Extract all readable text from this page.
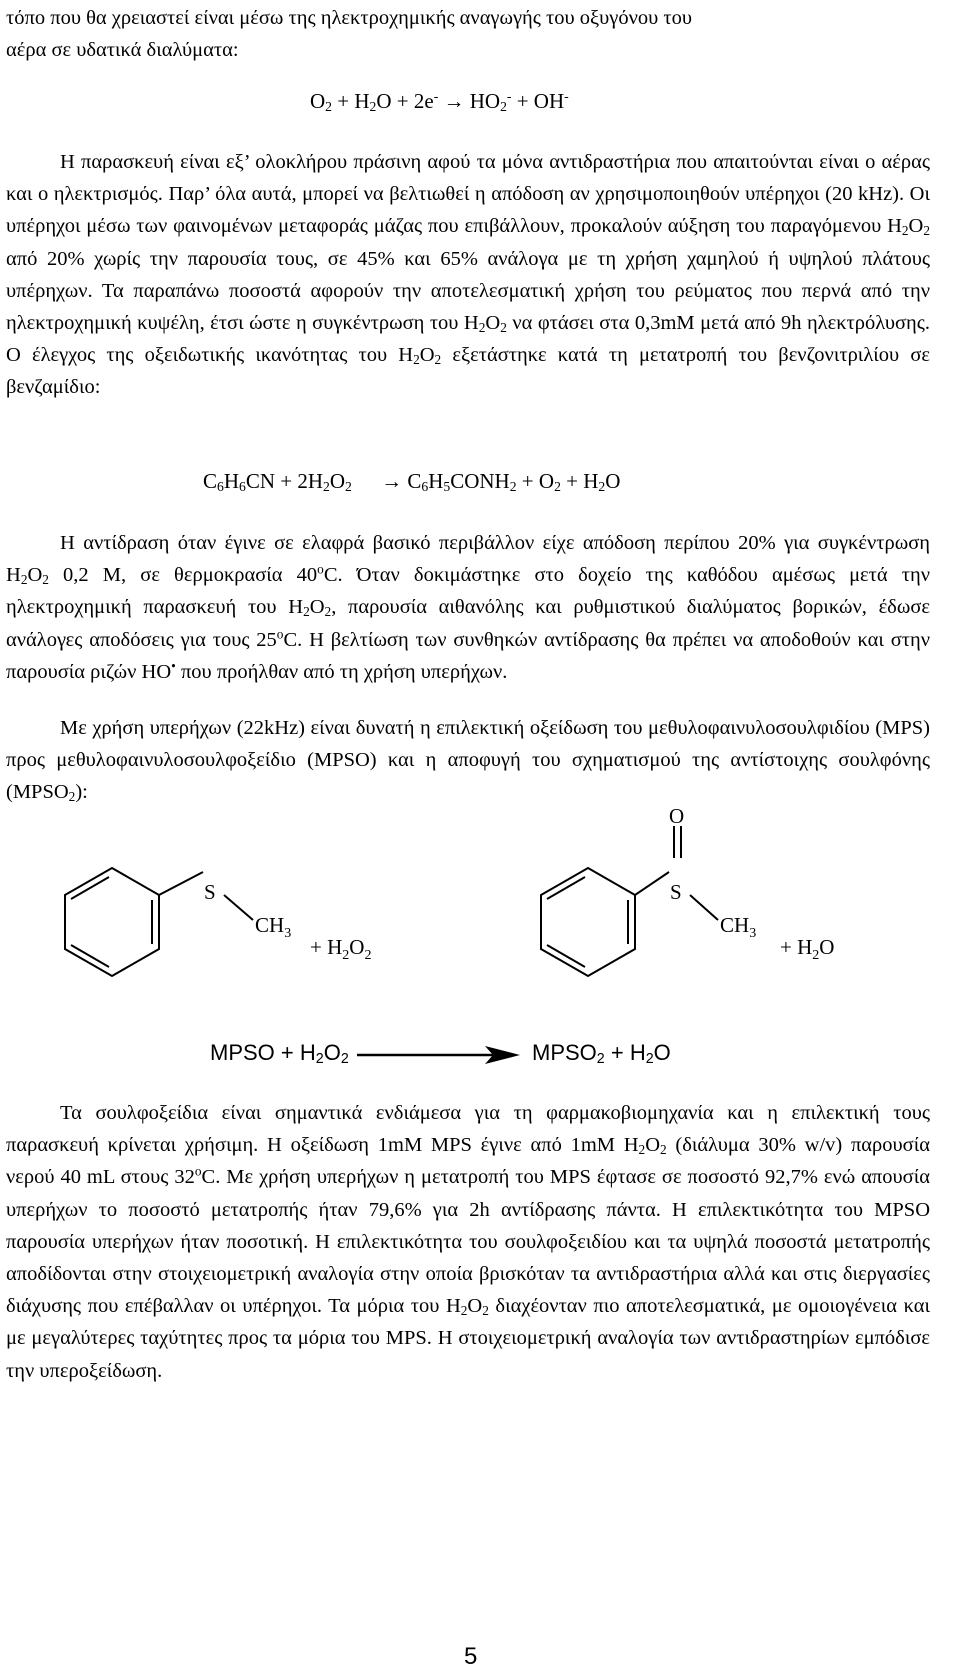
τόπο που θα χρειαστεί είναι μέσω της ηλεκτροχημικής αναγωγής του οξυγόνου του
αέρα σε υδατικά διαλύματα:
$O_2 + H_2O + 2e^- \to HO_2^- + OH^-$
Η παρασκευή είναι εξ’ ολοκλήρου πράσινη αφού τα μόνα αντιδραστήρια που απαιτούνται είναι ο αέρας και ο ηλεκτρισμός. Παρ’ όλα αυτά, μπορεί να βελτιωθεί η απόδοση αν χρησιμοποιηθούν υπέρηχοι (20 kHz). Οι υπέρηχοι μέσω των φαινομένων μεταφοράς μάζας που επιβάλλουν, προκαλούν αύξηση του παραγόμενου $H_2O_2$ από 20% χωρίς την παρουσία τους, σε 45% και 65% ανάλογα με τη χρήση χαμηλού ή υψηλού πλάτους υπέρηχων. Τα παραπάνω ποσοστά αφορούν την αποτελεσματική χρήση του ρεύματος που περνά από την ηλεκτροχημική κυψέλη, έτσι ώστε η συγκέντρωση του $H_2O_2$ να φτάσει στα 0,3mM μετά από 9h ηλεκτρόλυσης. Ο έλεγχος της οξειδωτικής ικανότητας του $H_2O_2$ εξετάστηκε κατά τη μετατροπή του βενζονιτριλίου σε βενζαμίδιο:
$C_6H_6CN + 2H_2O_2$ → $C_6H_5CONH_2 + O_2 + H_2O$
Η αντίδραση όταν έγινε σε ελαφρά βασικό περιβάλλον είχε απόδοση περίπου 20% για συγκέντρωση $H_2O_2$ 0,2 M, σε θερμοκρασία 40$^o$C. Όταν δοκιμάστηκε στο δοχείο της καθόδου αμέσως μετά την ηλεκτροχημική παρασκευή του $H_2O_2$, παρουσία αιθανόλης και ρυθμιστικού διαλύματος βορικών, έδωσε ανάλογες αποδόσεις για τους 25$^o$C. Η βελτίωση των συνθηκών αντίδρασης θα πρέπει να αποδοθούν και στην παρουσία ριζών HO• που προήλθαν από τη χρήση υπερήχων.
Με χρήση υπερήχων (22kHz) είναι δυνατή η επιλεκτική οξείδωση του μεθυλοφαινυλοσουλφιδίου (MPS) προς μεθυλοφαινυλοσουλφοξείδιο (MPSO) και η αποφυγή του σχηματισμού της αντίστοιχης σουλφόνης $(MPSO_2)$:
S
$CH_3$
+ $H_2O_2$
O
S
$CH_3$
+ $H_2O$
MPSO + $H_2O_2$	$MPSO_2 + H_2O$
Τα σουλφοξείδια είναι σημαντικά ενδιάμεσα για τη φαρμακοβιομηχανία και η επιλεκτική τους παρασκευή κρίνεται χρήσιμη. Η οξείδωση 1mM MPS έγινε από 1mM $H_2O_2$ (διάλυμα 30% w/v) παρουσία νερού 40 mL στους 32$^o$C. Με χρήση υπερήχων η μετατροπή του MPS έφτασε σε ποσοστό 92,7% ενώ απουσία υπερήχων το ποσοστό μετατροπής ήταν 79,6% για 2h αντίδρασης πάντα. Η επιλεκτικότητα του MPSO παρουσία υπερήχων ήταν ποσοτική. Η επιλεκτικότητα του σουλφοξειδίου και τα υψηλά ποσοστά μετατροπής αποδίδονται στην στοιχειομετρική αναλογία στην οποία βρισκόταν τα αντιδραστήρια αλλά και στις διεργασίες διάχυσης που επέβαλλαν οι υπέρηχοι. Τα μόρια του $H_2O_2$ διαχέονταν πιο αποτελεσματικά, με ομοιογένεια και με μεγαλύτερες ταχύτητες προς τα μόρια του MPS. Η στοιχειομετρική αναλογία των αντιδραστηρίων εμπόδισε την υπεροξείδωση.
5
